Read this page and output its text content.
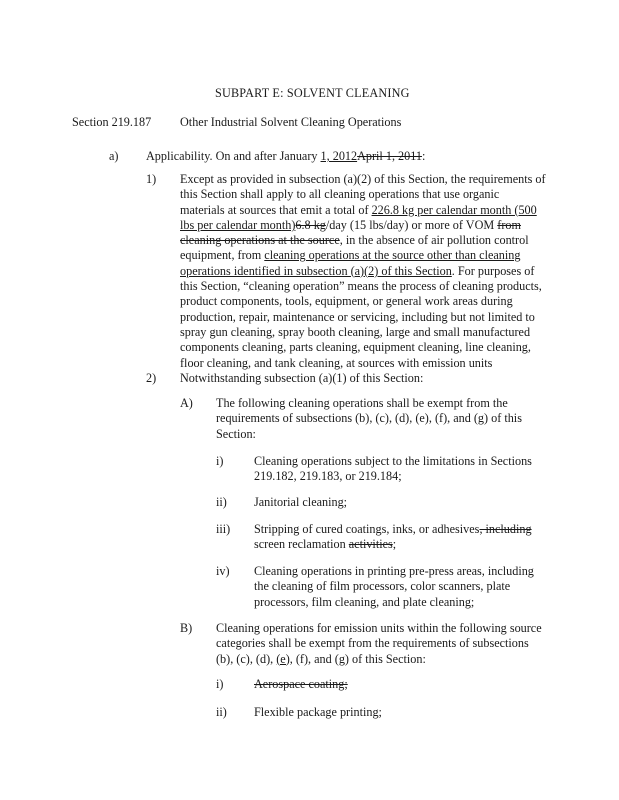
SUBPART E: SOLVENT CLEANING
Section 219.187 Other Industrial Solvent Cleaning Operations
a) Applicability. On and after January 1, 2012April 1, 2011:
1) Except as provided in subsection (a)(2) of this Section, the requirements of
this Section shall apply to all cleaning operations that use organic
materials at sources that emit a total of 226.8 kg per calendar month (500
lbs per calendar month)6.8 kg/day (15 lbs/day) or more of VOM from
cleaning operations at the source, in the absence of air pollution control
equipment, from cleaning operations at the source other than cleaning
operations identified in subsection (a)(2) of this Section. For purposes of
this Section, “cleaning operation” means the process of cleaning products,
product components, tools, equipment, or general work areas during
production, repair, maintenance or servicing, including but not limited to
spray gun cleaning, spray booth cleaning, large and small manufactured
components cleaning, parts cleaning, equipment cleaning, line cleaning,
floor cleaning, and tank cleaning, at sources with emission units
2) Notwithstanding subsection (a)(1) of this Section:
A) The following cleaning operations shall be exempt from the
requirements of subsections (b), (c), (d), (e), (f), and (g) of this
Section:
i)	Cleaning operations subject to the limitations in Sections
219.182, 219.183, or 219.184;
ii) Janitorial cleaning;
iii) Stripping of cured coatings, inks, or adhesives, including
screen reclamation activities;
iv) Cleaning operations in printing pre-press areas, including
the cleaning of film processors, color scanners, plate
processors, film cleaning, and plate cleaning;
B) Cleaning operations for emission units within the following source
categories shall be exempt from the requirements of subsections
(b), (c), (d), (e), (f), and (g) of this Section:
i)	Aerospace coating;
ii) Flexible package printing;
